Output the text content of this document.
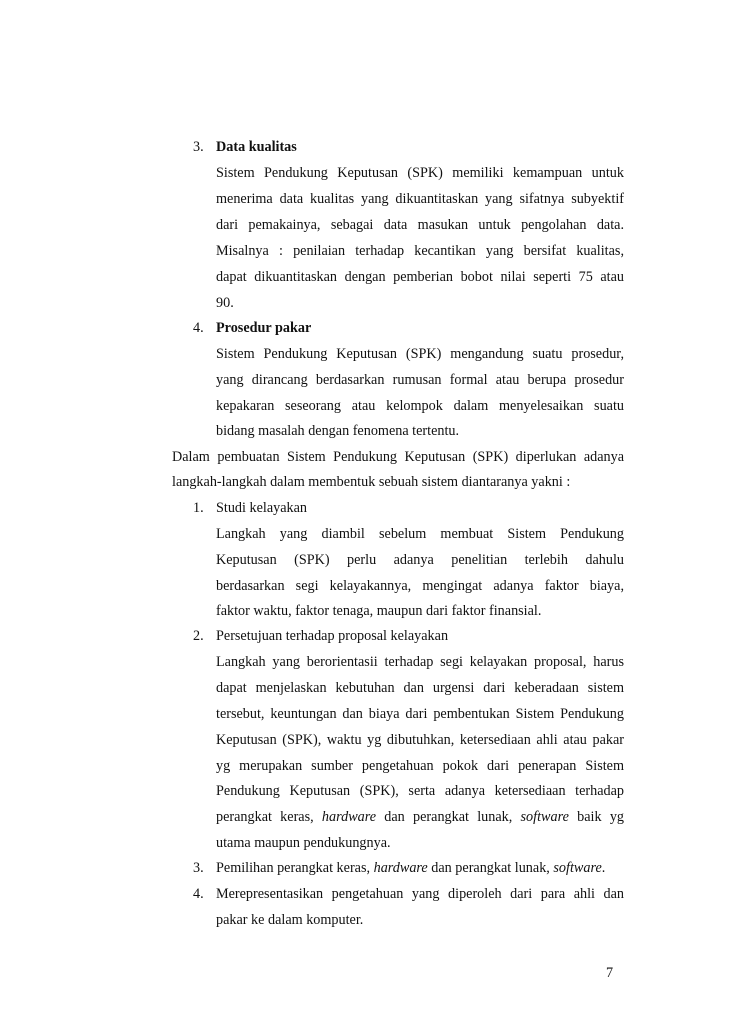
3. Data kualitas
Sistem Pendukung Keputusan (SPK) memiliki kemampuan untuk
menerima data kualitas yang dikuantitaskan yang sifatnya subyektif
dari pemakainya, sebagai data masukan untuk pengolahan data.
Misalnya : penilaian terhadap kecantikan yang bersifat kualitas,
dapat dikuantitaskan dengan pemberian bobot nilai seperti 75 atau
90.
4. Prosedur pakar
Sistem Pendukung Keputusan (SPK) mengandung suatu prosedur,
yang dirancang berdasarkan rumusan formal atau berupa prosedur
kepakaran seseorang atau kelompok dalam menyelesaikan suatu
bidang masalah dengan fenomena tertentu.
Dalam pembuatan Sistem Pendukung Keputusan (SPK) diperlukan adanya
langkah-langkah dalam membentuk sebuah sistem diantaranya yakni :
1. Studi kelayakan
Langkah yang diambil sebelum membuat Sistem Pendukung
Keputusan (SPK) perlu adanya penelitian terlebih dahulu
berdasarkan segi kelayakannya, mengingat adanya faktor biaya,
faktor waktu, faktor tenaga, maupun dari faktor finansial.
2. Persetujuan terhadap proposal kelayakan
Langkah yang berorientasii terhadap segi kelayakan proposal, harus
dapat menjelaskan kebutuhan dan urgensi dari keberadaan sistem
tersebut, keuntungan dan biaya dari pembentukan Sistem Pendukung
Keputusan (SPK), waktu yg dibutuhkan, ketersediaan ahli atau pakar
yg merupakan sumber pengetahuan pokok dari penerapan Sistem
Pendukung Keputusan (SPK), serta adanya ketersediaan terhadap
perangkat keras, hardware dan perangkat lunak, software baik yg
utama maupun pendukungnya.
3. Pemilihan perangkat keras, hardware dan perangkat lunak, software.
4. Merepresentasikan pengetahuan yang diperoleh dari para ahli dan
pakar ke dalam komputer.
7
